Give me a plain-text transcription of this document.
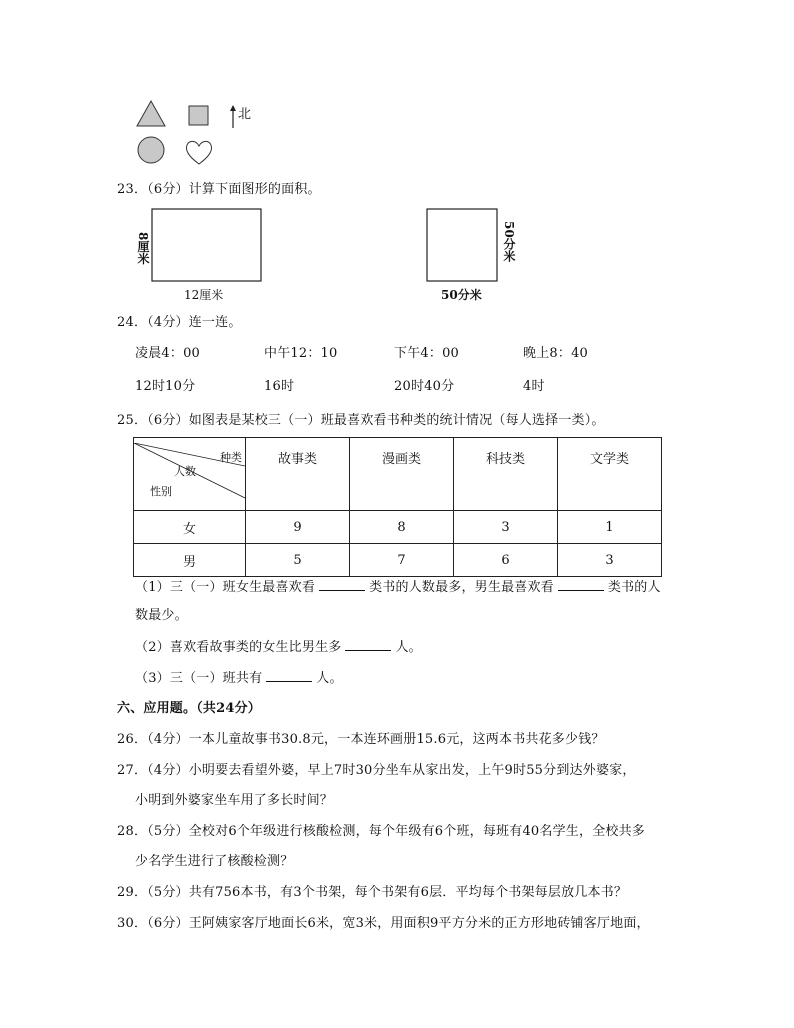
北
23．（6分）计算下面图形的面积。
8厘米
12厘米
50分米
50分米
24．（4分）连一连。
凌晨4：00	中午12：10	下午4：00	晚上8：40
12时10分	16时	20时40分	4时
25．（6分）如图表是某校三（一）班最喜欢看书种类的统计情况（每人选择一类）。
种类
人数
性别	故事类	漫画类	科技类	文学类
女	9	8	3	1
男	5	7	6	3
（1）三（一）班女生最喜欢看	类书的人数最多，男生最喜欢看	类书的人
数最少。
（2）喜欢看故事类的女生比男生多	人。
（3）三（一）班共有	人。
六、应用题。（共24分）
26．（4分）一本儿童故事书30.8元，一本连环画册15.6元，这两本书共花多少钱？
27．（4分）小明要去看望外婆，早上7时30分坐车从家出发，上午9时55分到达外婆家，
小明到外婆家坐车用了多长时间？
28．（5分）全校对6个年级进行核酸检测，每个年级有6个班，每班有40名学生，全校共多
少名学生进行了核酸检测？
29．（5分）共有756本书，有3个书架，每个书架有6层．平均每个书架每层放几本书？
30．（6分）王阿姨家客厅地面长6米，宽3米，用面积9平方分米的正方形地砖铺客厅地面，
